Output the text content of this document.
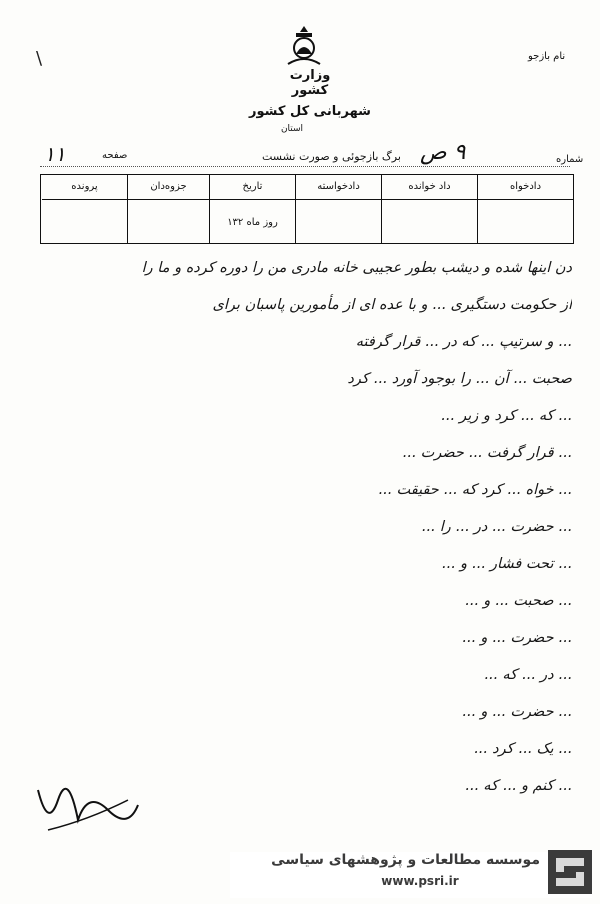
\
وزارت کشور
شهربانی کل کشور
استان
نام بازجو
برگ بازجوئی و صورت نشست	شماره
۹ ص
صفحه
۱۱
دادخواه
داد خوانده
دادخواسته
تاریخ
روز ماه ۱۳۲
جزوه‌دان
پرونده
دن اینها شده و دیشب بطور عجیبی خانه مادری من را دوره کرده و ما را
از حکومت دستگیری ... و با عده ای از مأمورین پاسبان برای
... و سرتیپ ... که در ... قرار گرفته
صحبت ... آن ... را بوجود آورد ... کرد
... که ... کرد و زیر ...
... قرار گرفت ... حضرت ...
... خواه ... کرد که ... حقیقت ...
... حضرت ... در ... را ...
... تحت فشار ... و ...
... صحبت ... و ...
... حضرت ... و ...
... در ... که ...
... حضرت ... و ...
... یک ... کرد ...
... کنم و ... که ...
موسسه مطالعات و پژوهشهای سیاسی
www.psri.ir
